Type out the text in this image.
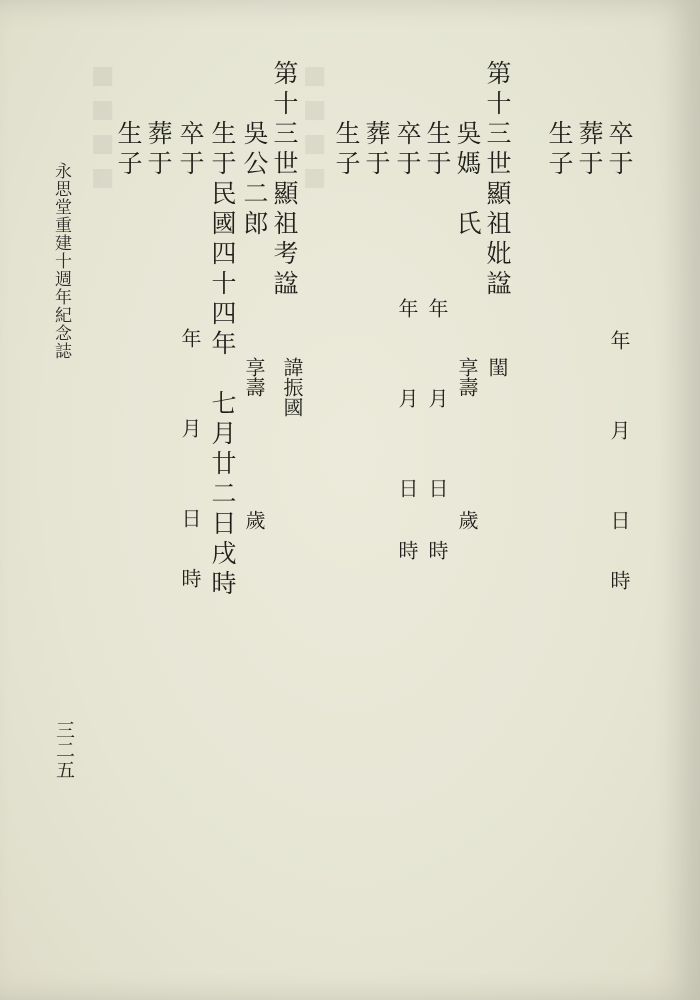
■■■■	■■■■
永思堂重建十週年紀念誌
三二五
卒于
葬于
生子
年
月
日
時
第十三世顯祖妣諡
閨
吳媽
氏
享壽
歲
生于
年
月
日
時
卒于
年
月
日
時
葬于
生子
第十三世顯祖考諡
諱振國
吳公二郎
享壽
歲
生于民國四十四年
七月廿二日戌時
卒于
年
月
日
時
葬于
生子
